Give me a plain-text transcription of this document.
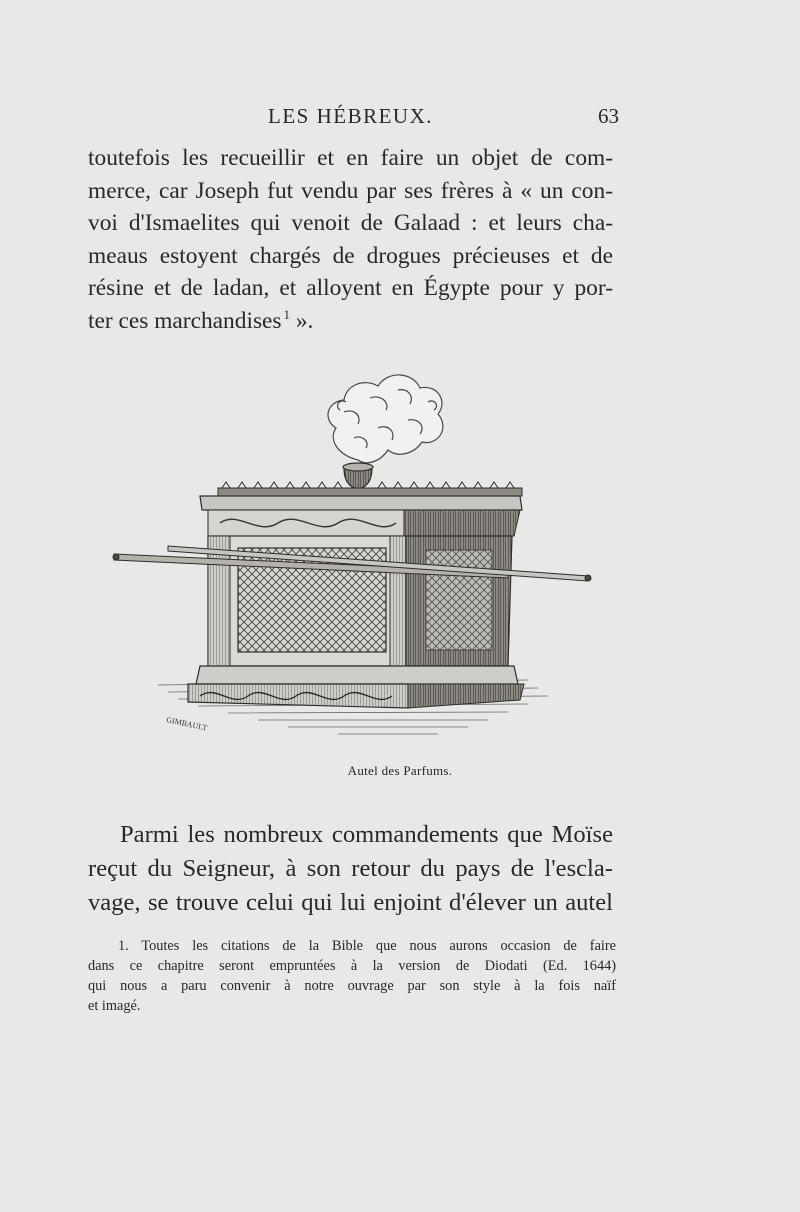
LES HÉBREUX.	63
toutefois les recueillir et en faire un objet de com-
merce, car Joseph fut vendu par ses frères à « un con-
voi d'Ismaelites qui venoit de Galaad : et leurs cha-
meaus estoyent chargés de drogues précieuses et de
résine et de ladan, et alloyent en Égypte pour y por-
ter ces marchandises  $^1$ ».
GIMBAULT
Autel des Parfums.
Parmi les nombreux commandements que Moïse
reçut du Seigneur, à son retour du pays de l'escla-
vage, se trouve celui qui lui enjoint d'élever un autel
1. Toutes les citations de la Bible que nous aurons occasion de faire
dans ce chapitre seront empruntées à la version de Diodati (Ed. 1644)
qui nous a paru convenir à notre ouvrage par son style à la fois naïf
et imagé.
